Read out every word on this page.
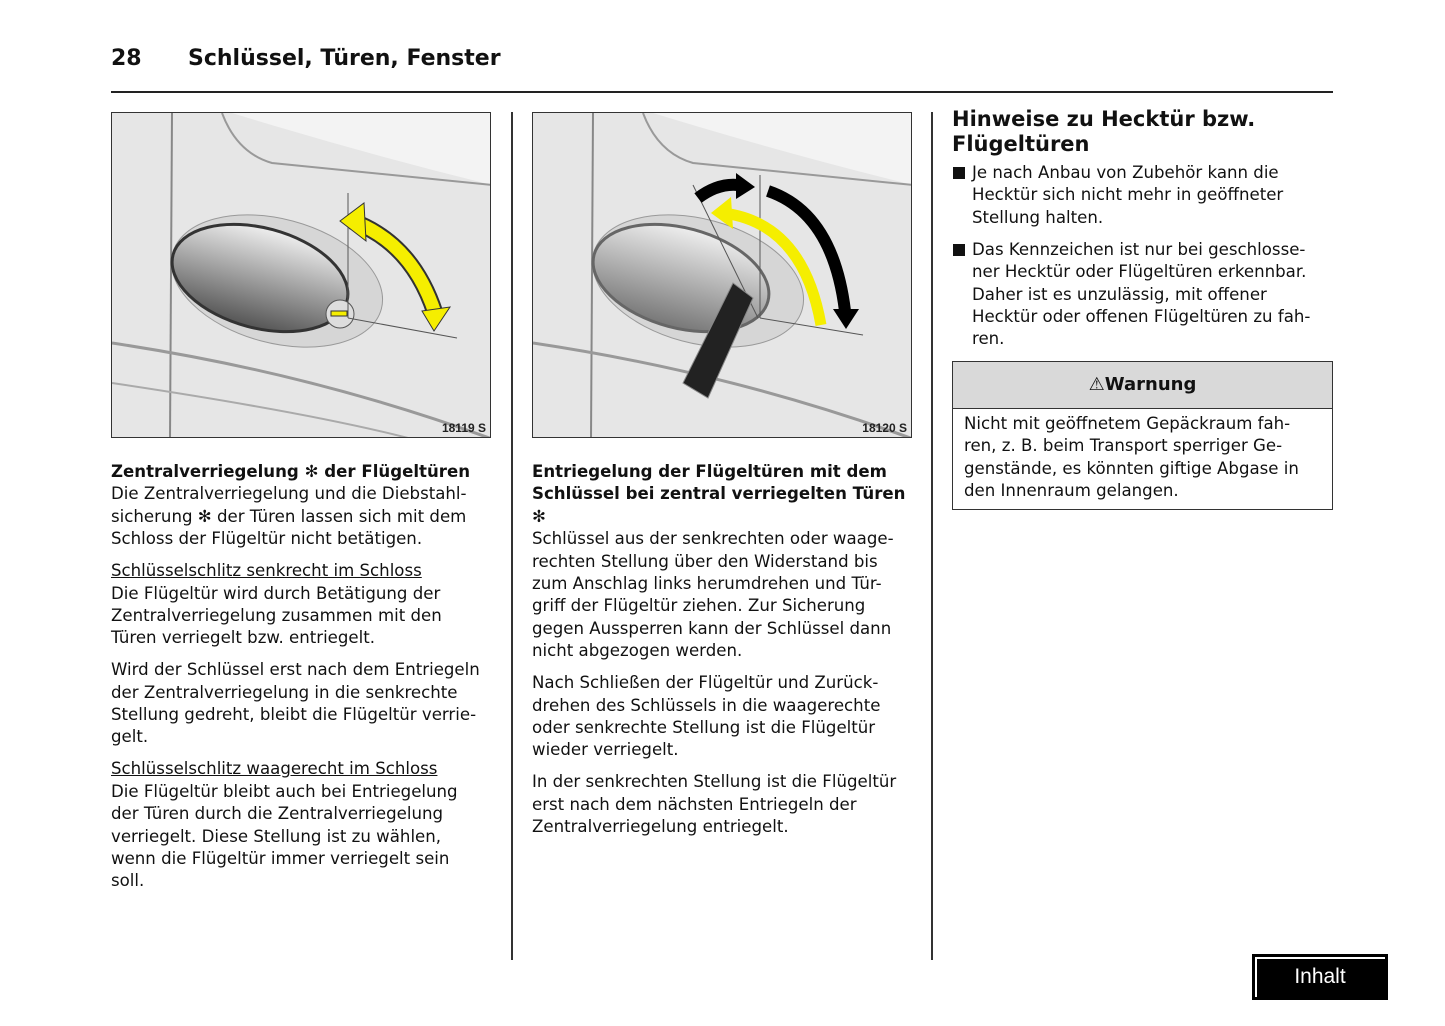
28 Schlüssel, Türen, Fenster
18119 S	18120 S

Zentralverriegelung ✻ der Flügeltüren
Die Zentralverriegelung und die Diebstahl-
sicherung ✻ der Türen lassen sich mit dem
Schloss der Flügeltür nicht betätigen.

Schlüsselschlitz senkrecht im Schloss
Die Flügeltür wird durch Betätigung der
Zentralverriegelung zusammen mit den
Türen verriegelt bzw. entriegelt.

Wird der Schlüssel erst nach dem Entriegeln
der Zentralverriegelung in die senkrechte
Stellung gedreht, bleibt die Flügeltür verrie-
gelt.

Schlüsselschlitz waagerecht im Schloss
Die Flügeltür bleibt auch bei Entriegelung
der Türen durch die Zentralverriegelung
verriegelt. Diese Stellung ist zu wählen,
wenn die Flügeltür immer verriegelt sein
soll.

Entriegelung der Flügeltüren mit dem
Schlüssel bei zentral verriegelten Türen ✻
Schlüssel aus der senkrechten oder waage-
rechten Stellung über den Widerstand bis
zum Anschlag links herumdrehen und Tür-
griff der Flügeltür ziehen. Zur Sicherung
gegen Aussperren kann der Schlüssel dann
nicht abgezogen werden.

Nach Schließen der Flügeltür und Zurück-
drehen des Schlüssels in die waagerechte
oder senkrechte Stellung ist die Flügeltür
wieder verriegelt.

In der senkrechten Stellung ist die Flügeltür
erst nach dem nächsten Entriegeln der
Zentralverriegelung entriegelt.

Hinweise zu Hecktür bzw.
Flügeltüren
Je nach Anbau von Zubehör kann die
Hecktür sich nicht mehr in geöffneter
Stellung halten.
Das Kennzeichen ist nur bei geschlosse-
ner Hecktür oder Flügeltüren erkennbar.
Daher ist es unzulässig, mit offener
Hecktür oder offenen Flügeltüren zu fah-
ren.
⚠Warnung
Nicht mit geöffnetem Gepäckraum fah-
ren, z. B. beim Transport sperriger Ge-
genstände, es könnten giftige Abgase in
den Innenraum gelangen.
Inhalt
